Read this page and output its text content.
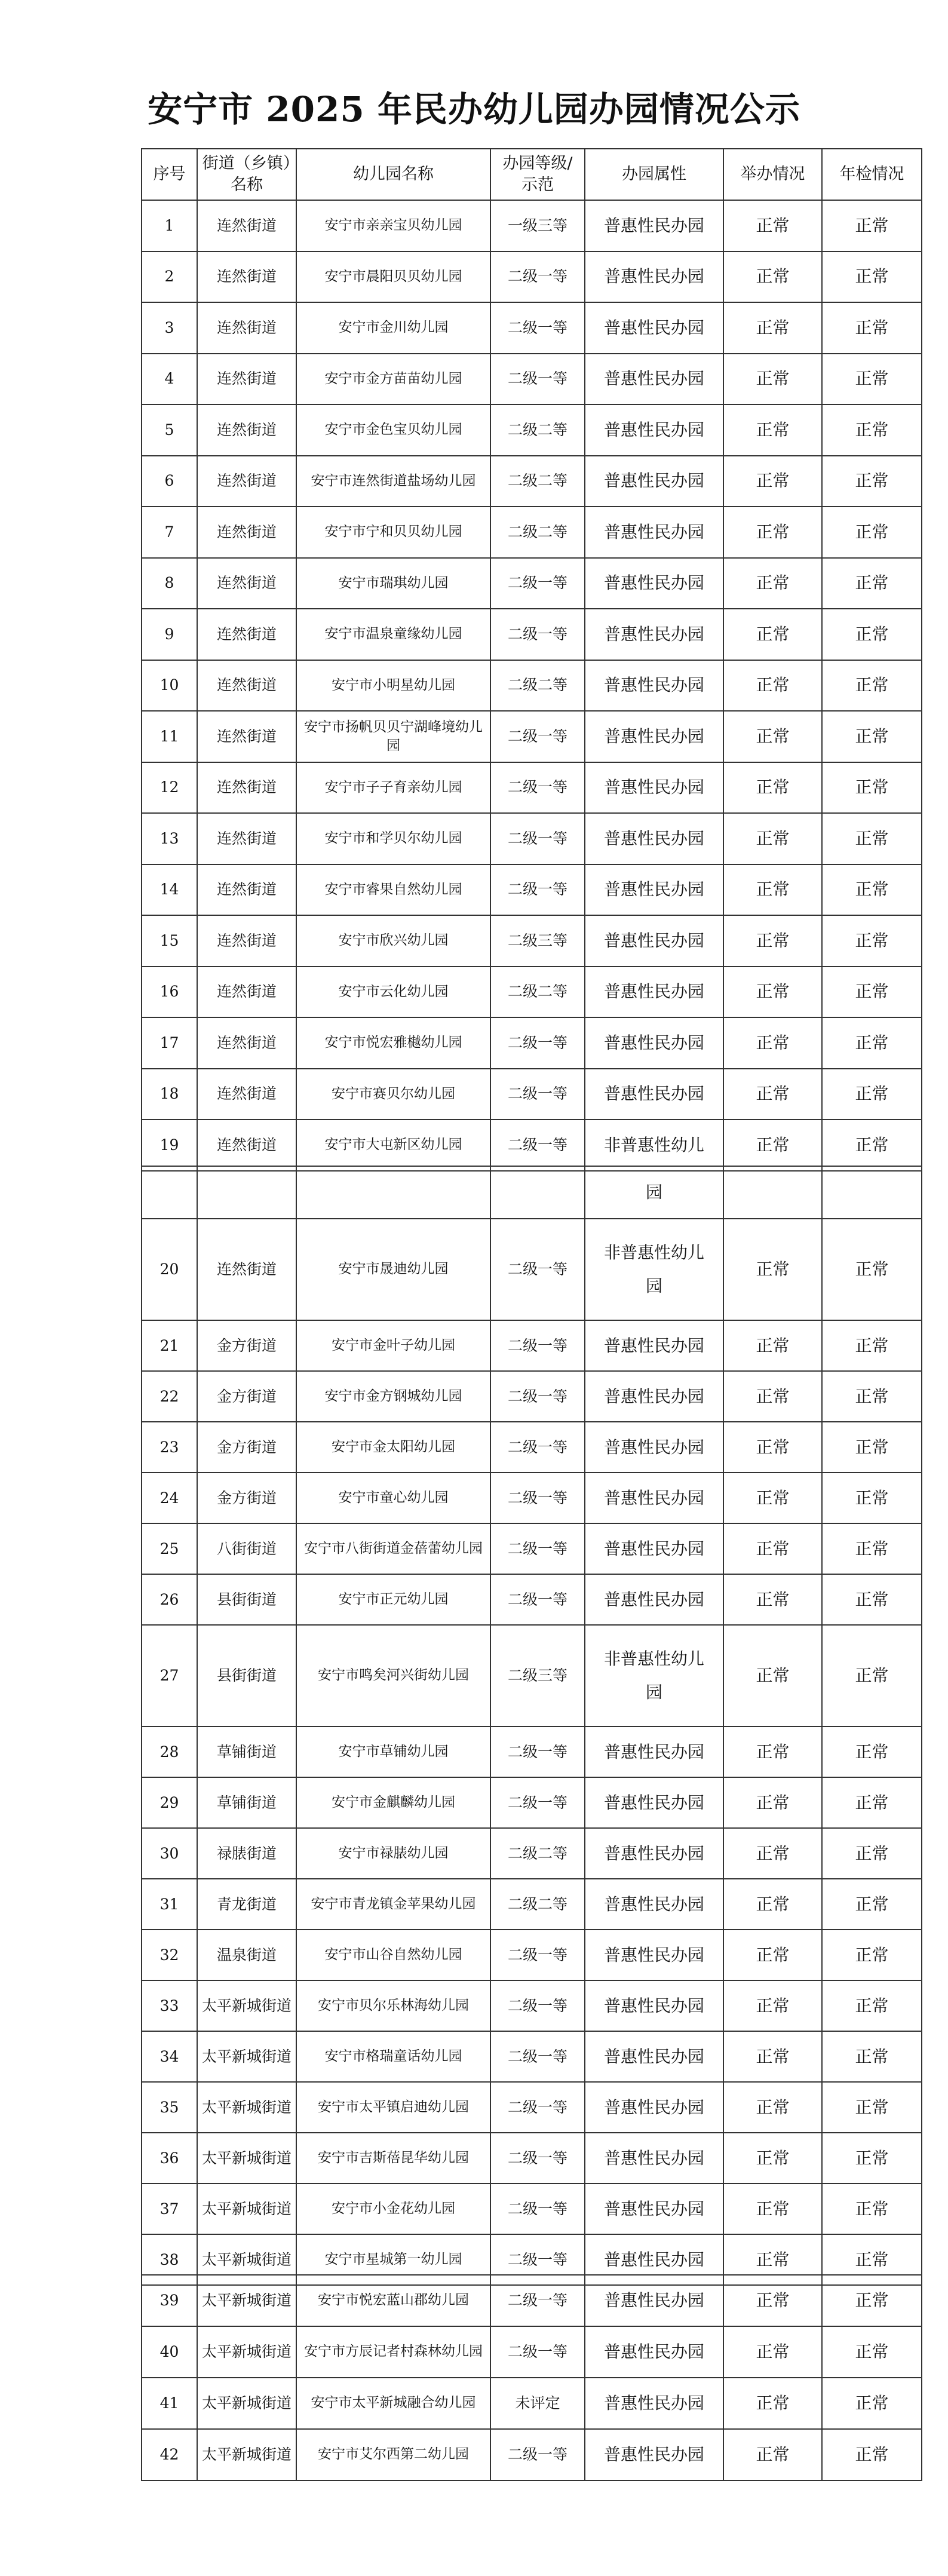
安宁市 2025 年民办幼儿园办园情况公示
序号	街道（乡镇）名称	幼儿园名称	办园等级/示范	办园属性	举办情况	年检情况
1	连然街道	安宁市亲亲宝贝幼儿园	一级三等	普惠性民办园	正常	正常
2	连然街道	安宁市晨阳贝贝幼儿园	二级一等	普惠性民办园	正常	正常
3	连然街道	安宁市金川幼儿园	二级一等	普惠性民办园	正常	正常
4	连然街道	安宁市金方苗苗幼儿园	二级一等	普惠性民办园	正常	正常
5	连然街道	安宁市金色宝贝幼儿园	二级二等	普惠性民办园	正常	正常
6	连然街道	安宁市连然街道盐场幼儿园	二级二等	普惠性民办园	正常	正常
7	连然街道	安宁市宁和贝贝幼儿园	二级二等	普惠性民办园	正常	正常
8	连然街道	安宁市瑞琪幼儿园	二级一等	普惠性民办园	正常	正常
9	连然街道	安宁市温泉童缘幼儿园	二级一等	普惠性民办园	正常	正常
10	连然街道	安宁市小明星幼儿园	二级二等	普惠性民办园	正常	正常
11	连然街道	安宁市扬帆贝贝宁湖峰境幼儿园	二级一等	普惠性民办园	正常	正常
12	连然街道	安宁市子子育亲幼儿园	二级一等	普惠性民办园	正常	正常
13	连然街道	安宁市和学贝尔幼儿园	二级一等	普惠性民办园	正常	正常
14	连然街道	安宁市睿果自然幼儿园	二级一等	普惠性民办园	正常	正常
15	连然街道	安宁市欣兴幼儿园	二级三等	普惠性民办园	正常	正常
16	连然街道	安宁市云化幼儿园	二级二等	普惠性民办园	正常	正常
17	连然街道	安宁市悦宏雅樾幼儿园	二级一等	普惠性民办园	正常	正常
18	连然街道	安宁市赛贝尔幼儿园	二级一等	普惠性民办园	正常	正常
19	连然街道	安宁市大屯新区幼儿园	二级一等	非普惠性幼儿	正常	正常
				园		
20	连然街道	安宁市晟迪幼儿园	二级一等	非普惠性幼儿园	正常	正常
21	金方街道	安宁市金叶子幼儿园	二级一等	普惠性民办园	正常	正常
22	金方街道	安宁市金方钢城幼儿园	二级一等	普惠性民办园	正常	正常
23	金方街道	安宁市金太阳幼儿园	二级一等	普惠性民办园	正常	正常
24	金方街道	安宁市童心幼儿园	二级一等	普惠性民办园	正常	正常
25	八街街道	安宁市八街街道金蓓蕾幼儿园	二级一等	普惠性民办园	正常	正常
26	县街街道	安宁市正元幼儿园	二级一等	普惠性民办园	正常	正常
27	县街街道	安宁市鸣矣河兴街幼儿园	二级三等	非普惠性幼儿园	正常	正常
28	草铺街道	安宁市草铺幼儿园	二级一等	普惠性民办园	正常	正常
29	草铺街道	安宁市金麒麟幼儿园	二级一等	普惠性民办园	正常	正常
30	禄脿街道	安宁市禄脿幼儿园	二级二等	普惠性民办园	正常	正常
31	青龙街道	安宁市青龙镇金苹果幼儿园	二级二等	普惠性民办园	正常	正常
32	温泉街道	安宁市山谷自然幼儿园	二级一等	普惠性民办园	正常	正常
33	太平新城街道	安宁市贝尔乐林海幼儿园	二级一等	普惠性民办园	正常	正常
34	太平新城街道	安宁市格瑞童话幼儿园	二级一等	普惠性民办园	正常	正常
35	太平新城街道	安宁市太平镇启迪幼儿园	二级一等	普惠性民办园	正常	正常
36	太平新城街道	安宁市吉斯蓓昆华幼儿园	二级一等	普惠性民办园	正常	正常
37	太平新城街道	安宁市小金花幼儿园	二级一等	普惠性民办园	正常	正常
38	太平新城街道	安宁市星城第一幼儿园	二级一等	普惠性民办园	正常	正常
39	太平新城街道	安宁市悦宏蓝山郡幼儿园	二级一等	普惠性民办园	正常	正常
40	太平新城街道	安宁市方辰记者村森林幼儿园	二级一等	普惠性民办园	正常	正常
41	太平新城街道	安宁市太平新城融合幼儿园	未评定	普惠性民办园	正常	正常
42	太平新城街道	安宁市艾尔西第二幼儿园	二级一等	普惠性民办园	正常	正常
